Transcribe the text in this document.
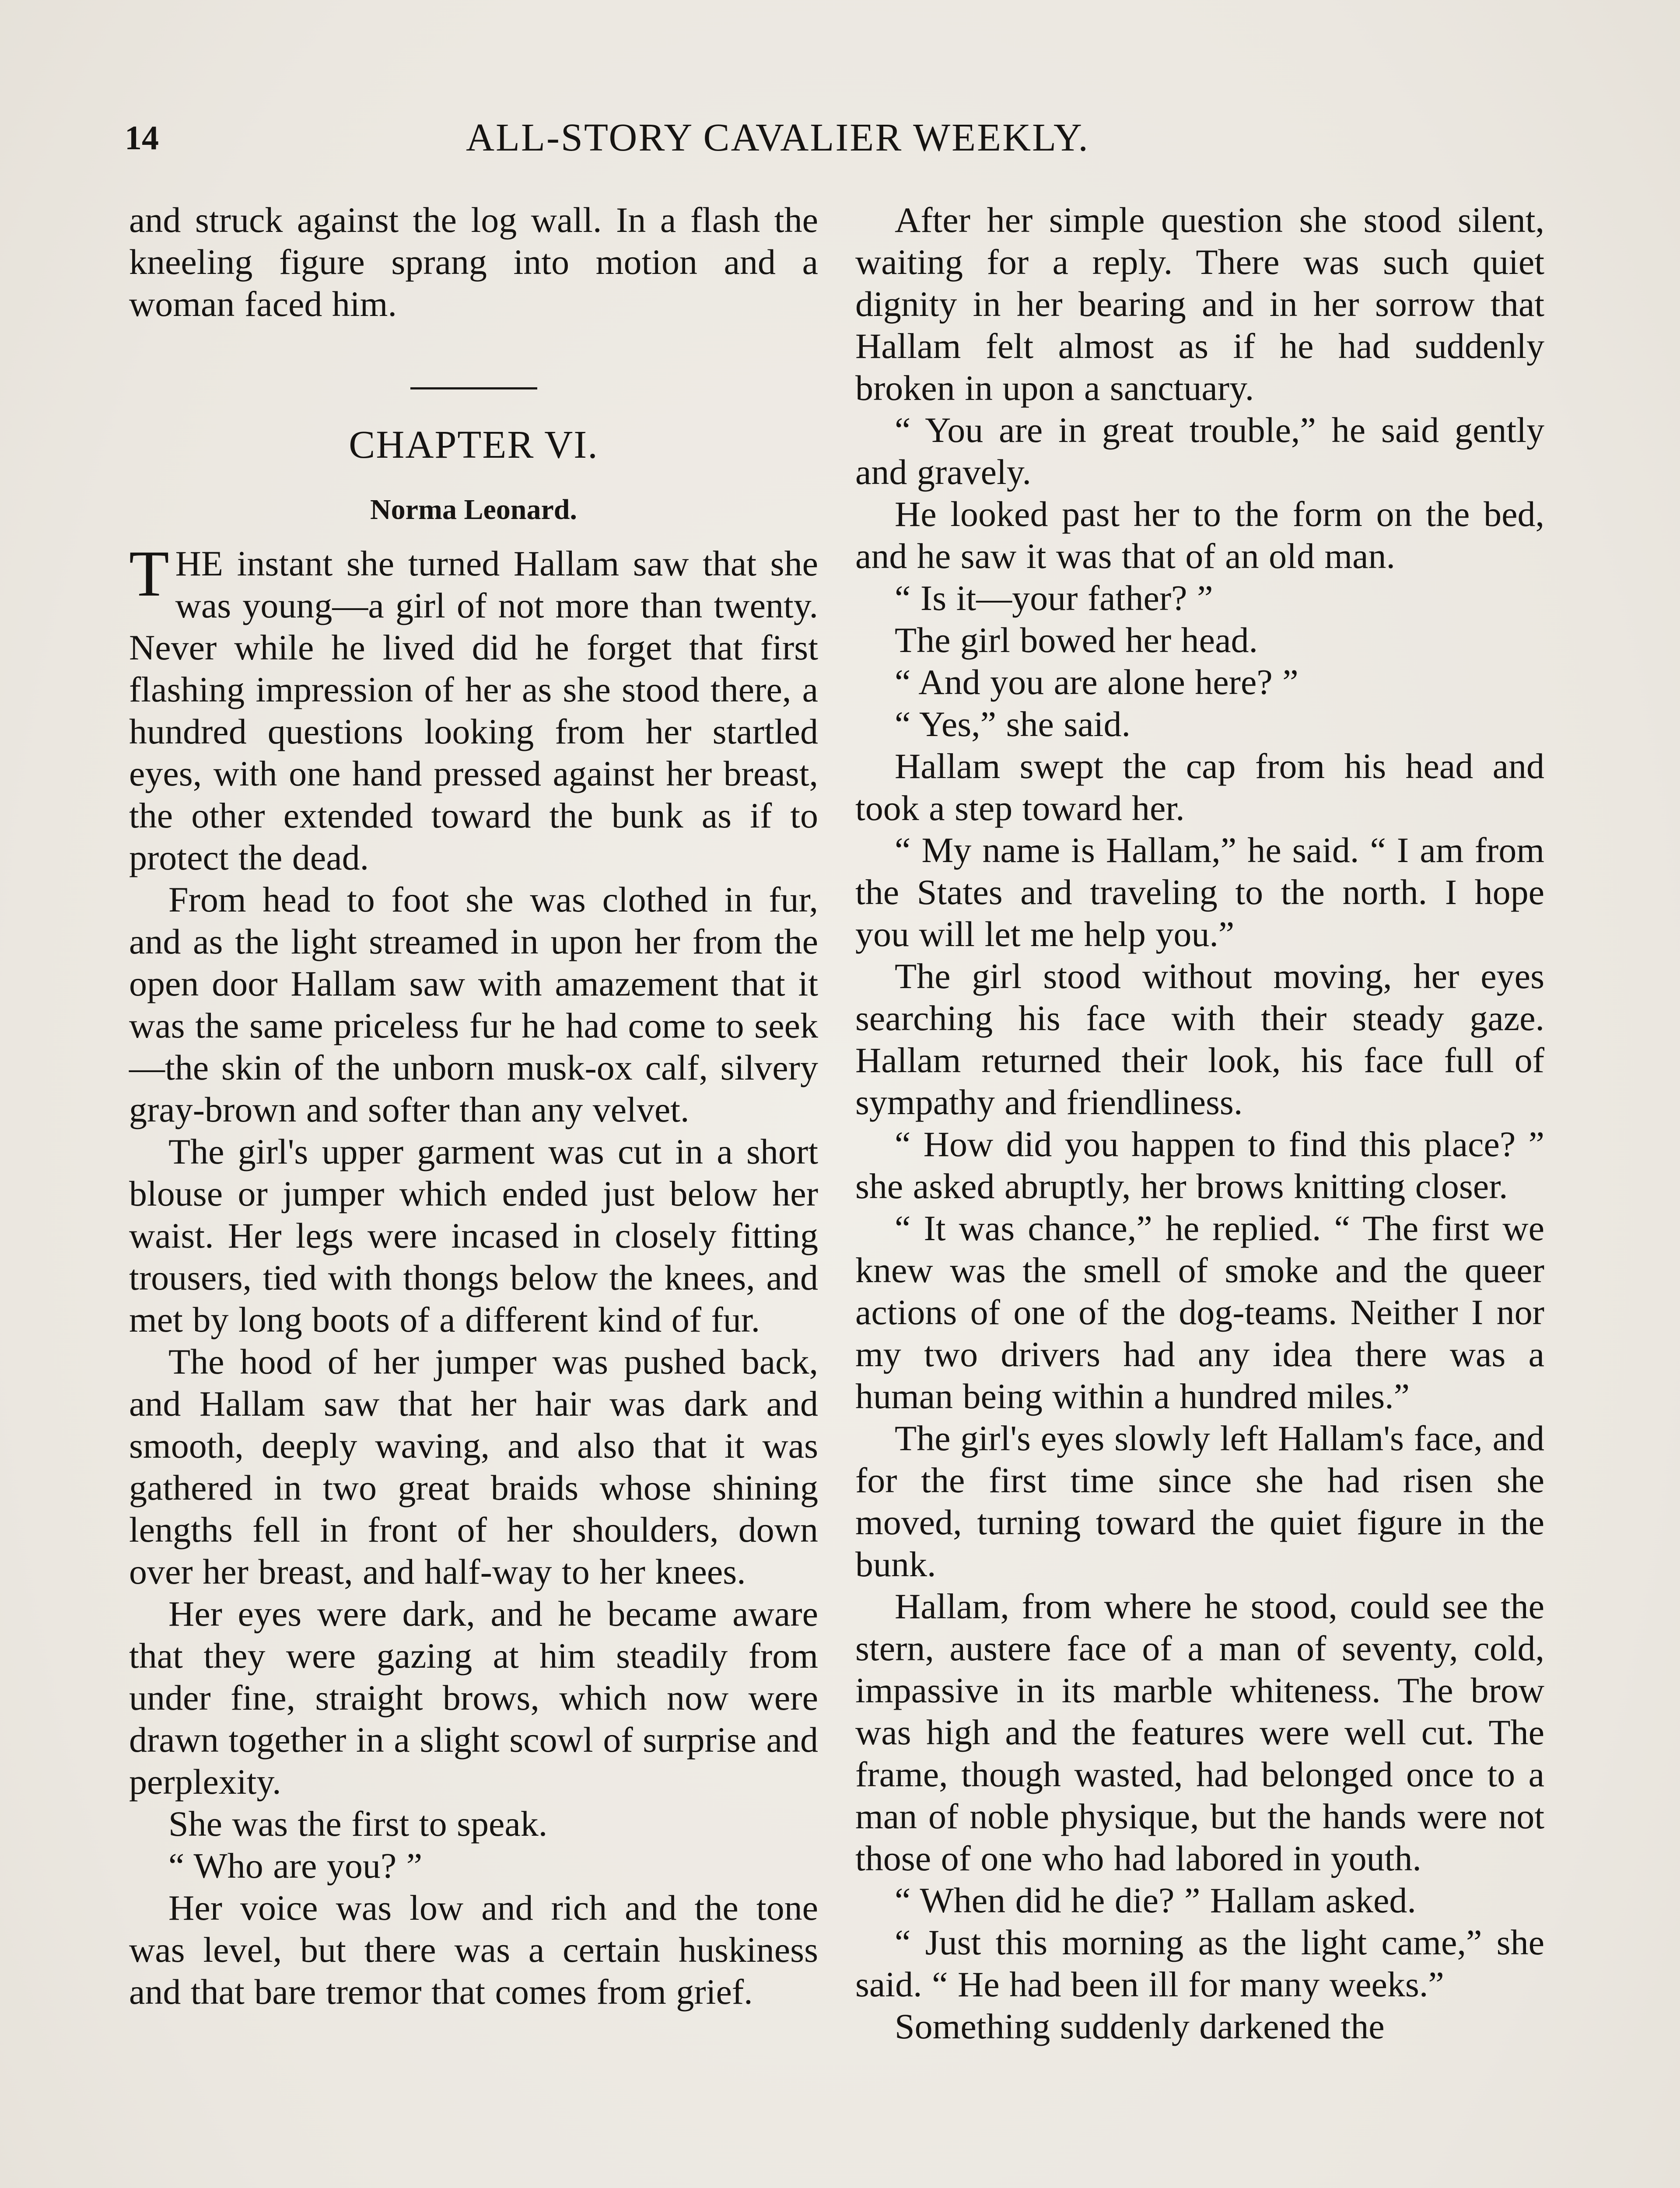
14	ALL-STORY CAVALIER WEEKLY.

and struck against the log wall. In a flash the kneeling figure sprang into motion and a woman faced him.

CHAPTER VI.

Norma Leonard.

THE instant she turned Hallam saw that she was young—a girl of not more than twenty. Never while he lived did he forget that first flashing impression of her as she stood there, a hundred questions looking from her startled eyes, with one hand pressed against her breast, the other extended toward the bunk as if to protect the dead.

From head to foot she was clothed in fur, and as the light streamed in upon her from the open door Hallam saw with amazement that it was the same priceless fur he had come to seek —the skin of the unborn musk-ox calf, silvery gray-brown and softer than any velvet.

The girl's upper garment was cut in a short blouse or jumper which ended just below her waist. Her legs were incased in closely fitting trousers, tied with thongs below the knees, and met by long boots of a different kind of fur.

The hood of her jumper was pushed back, and Hallam saw that her hair was dark and smooth, deeply waving, and also that it was gathered in two great braids whose shining lengths fell in front of her shoulders, down over her breast, and half-way to her knees.

Her eyes were dark, and he became aware that they were gazing at him steadily from under fine, straight brows, which now were drawn together in a slight scowl of surprise and perplexity.

She was the first to speak.

“ Who are you? ”

Her voice was low and rich and the tone was level, but there was a certain huskiness and that bare tremor that comes from grief.

After her simple question she stood silent, waiting for a reply. There was such quiet dignity in her bearing and in her sorrow that Hallam felt almost as if he had suddenly broken in upon a sanctuary.

“ You are in great trouble,” he said gently and gravely.

He looked past her to the form on the bed, and he saw it was that of an old man.

“ Is it—your father? ”

The girl bowed her head.

“ And you are alone here? ”

“ Yes,” she said.

Hallam swept the cap from his head and took a step toward her.

“ My name is Hallam,” he said. “ I am from the States and traveling to the north. I hope you will let me help you.”

The girl stood without moving, her eyes searching his face with their steady gaze. Hallam returned their look, his face full of sympathy and friendliness.

“ How did you happen to find this place? ” she asked abruptly, her brows knitting closer.

“ It was chance,” he replied. “ The first we knew was the smell of smoke and the queer actions of one of the dog-teams. Neither I nor my two drivers had any idea there was a human being within a hundred miles.”

The girl's eyes slowly left Hallam's face, and for the first time since she had risen she moved, turning toward the quiet figure in the bunk.

Hallam, from where he stood, could see the stern, austere face of a man of seventy, cold, impassive in its marble whiteness. The brow was high and the features were well cut. The frame, though wasted, had belonged once to a man of noble physique, but the hands were not those of one who had labored in youth.

“ When did he die? ” Hallam asked.

“ Just this morning as the light came,” she said. “ He had been ill for many weeks.”

Something suddenly darkened the
